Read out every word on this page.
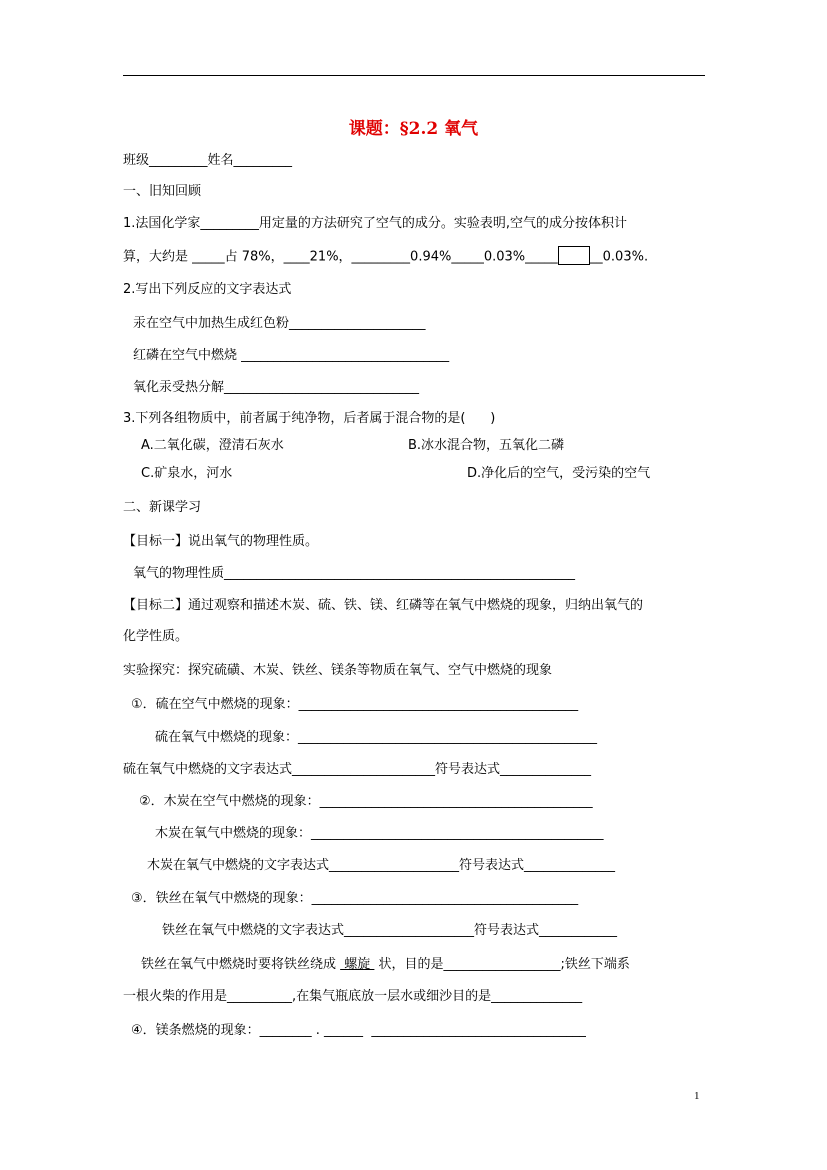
课题：§2.2 氧气
班级_________姓名_________
一、旧知回顾
1.法国化学家_________用定量的方法研究了空气的成分。实验表明,空气的成分按体积计
算，大约是 _____占 78%，____21%，_________0.94%_____0.03%_____ __0.03%.
2.写出下列反应的文字表达式
汞在空气中加热生成红色粉_____________________
红磷在空气中燃烧 ________________________________
氧化汞受热分解______________________________
3.下列各组物质中，前者属于纯净物，后者属于混合物的是(      )
A.二氧化碳，澄清石灰水	B.冰水混合物，五氧化二磷
C.矿泉水，河水	D.净化后的空气，受污染的空气
二、新课学习
【目标一】说出氧气的物理性质。
氧气的物理性质______________________________________________________
【目标二】通过观察和描述木炭、硫、铁、镁、红磷等在氧气中燃烧的现象，归纳出氧气的
化学性质。
实验探究：探究硫磺、木炭、铁丝、镁条等物质在氧气、空气中燃烧的现象
①．硫在空气中燃烧的现象：___________________________________________
硫在氧气中燃烧的现象：______________________________________________
硫在氧气中燃烧的文字表达式______________________符号表达式______________
②．木炭在空气中燃烧的现象：__________________________________________
木炭在氧气中燃烧的现象：_____________________________________________
木炭在氧气中燃烧的文字表达式____________________符号表达式______________
③．铁丝在氧气中燃烧的现象：_________________________________________
铁丝在氧气中燃烧的文字表达式____________________符号表达式____________
铁丝在氧气中燃烧时要将铁丝绕成  螺旋  状，目的是__________________;铁丝下端系
一根火柴的作用是__________,在集气瓶底放一层水或细沙目的是______________
④．镁条燃烧的现象：________ . ______  _________________________________
1
